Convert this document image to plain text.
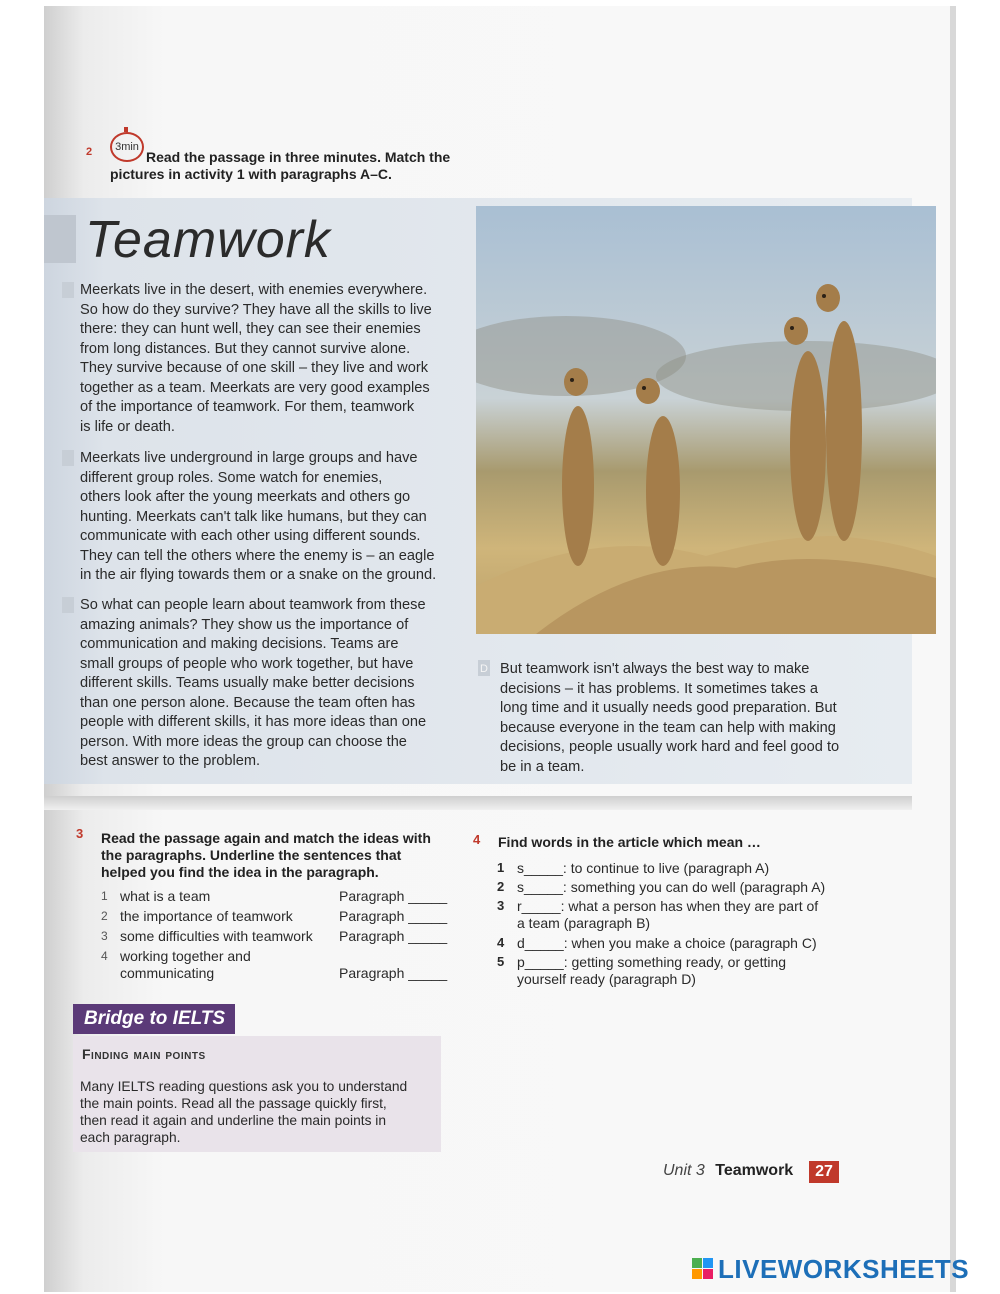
2	3min
Read the passage in three minutes. Match the
pictures in activity 1 with paragraphs A–C.
Teamwork
Meerkats live in the desert, with enemies everywhere.
So how do they survive? They have all the skills to live
there: they can hunt well, they can see their enemies
from long distances. But they cannot survive alone.
They survive because of one skill – they live and work
together as a team. Meerkats are very good examples
of the importance of teamwork. For them, teamwork
is life or death.
Meerkats live underground in large groups and have
different group roles. Some watch for enemies,
others look after the young meerkats and others go
hunting. Meerkats can't talk like humans, but they can
communicate with each other using different sounds.
They can tell the others where the enemy is – an eagle
in the air flying towards them or a snake on the ground.
So what can people learn about teamwork from these
amazing animals? They show us the importance of
communication and making decisions. Teams are
small groups of people who work together, but have
different skills. Teams usually make better decisions
than one person alone. Because the team often has
people with different skills, it has more ideas than one
person. With more ideas the group can choose the
best answer to the problem.
D But teamwork isn't always the best way to make
decisions – it has problems. It sometimes takes a
long time and it usually needs good preparation. But
because everyone in the team can help with making
decisions, people usually work hard and feel good to
be in a team.
3 Read the passage again and match the ideas with
the paragraphs. Underline the sentences that
helped you find the idea in the paragraph.
1 what is a team	Paragraph _____
2 the importance of teamwork	Paragraph _____
3 some difficulties with teamwork Paragraph _____
4 working together and
communicating	Paragraph _____
4 Find words in the article which mean …
1 s_____: to continue to live (paragraph A)
2 s_____: something you can do well (paragraph A)
3 r_____: what a person has when they are part of
a team (paragraph B)
4 d_____: when you make a choice (paragraph C)
5 p_____: getting something ready, or getting
yourself ready (paragraph D)
Bridge to IELTS
Finding main points
Many IELTS reading questions ask you to understand
the main points. Read all the passage quickly first,
then read it again and underline the main points in
each paragraph.
Unit 3 Teamwork	27
LIVEWORKSHEETS
